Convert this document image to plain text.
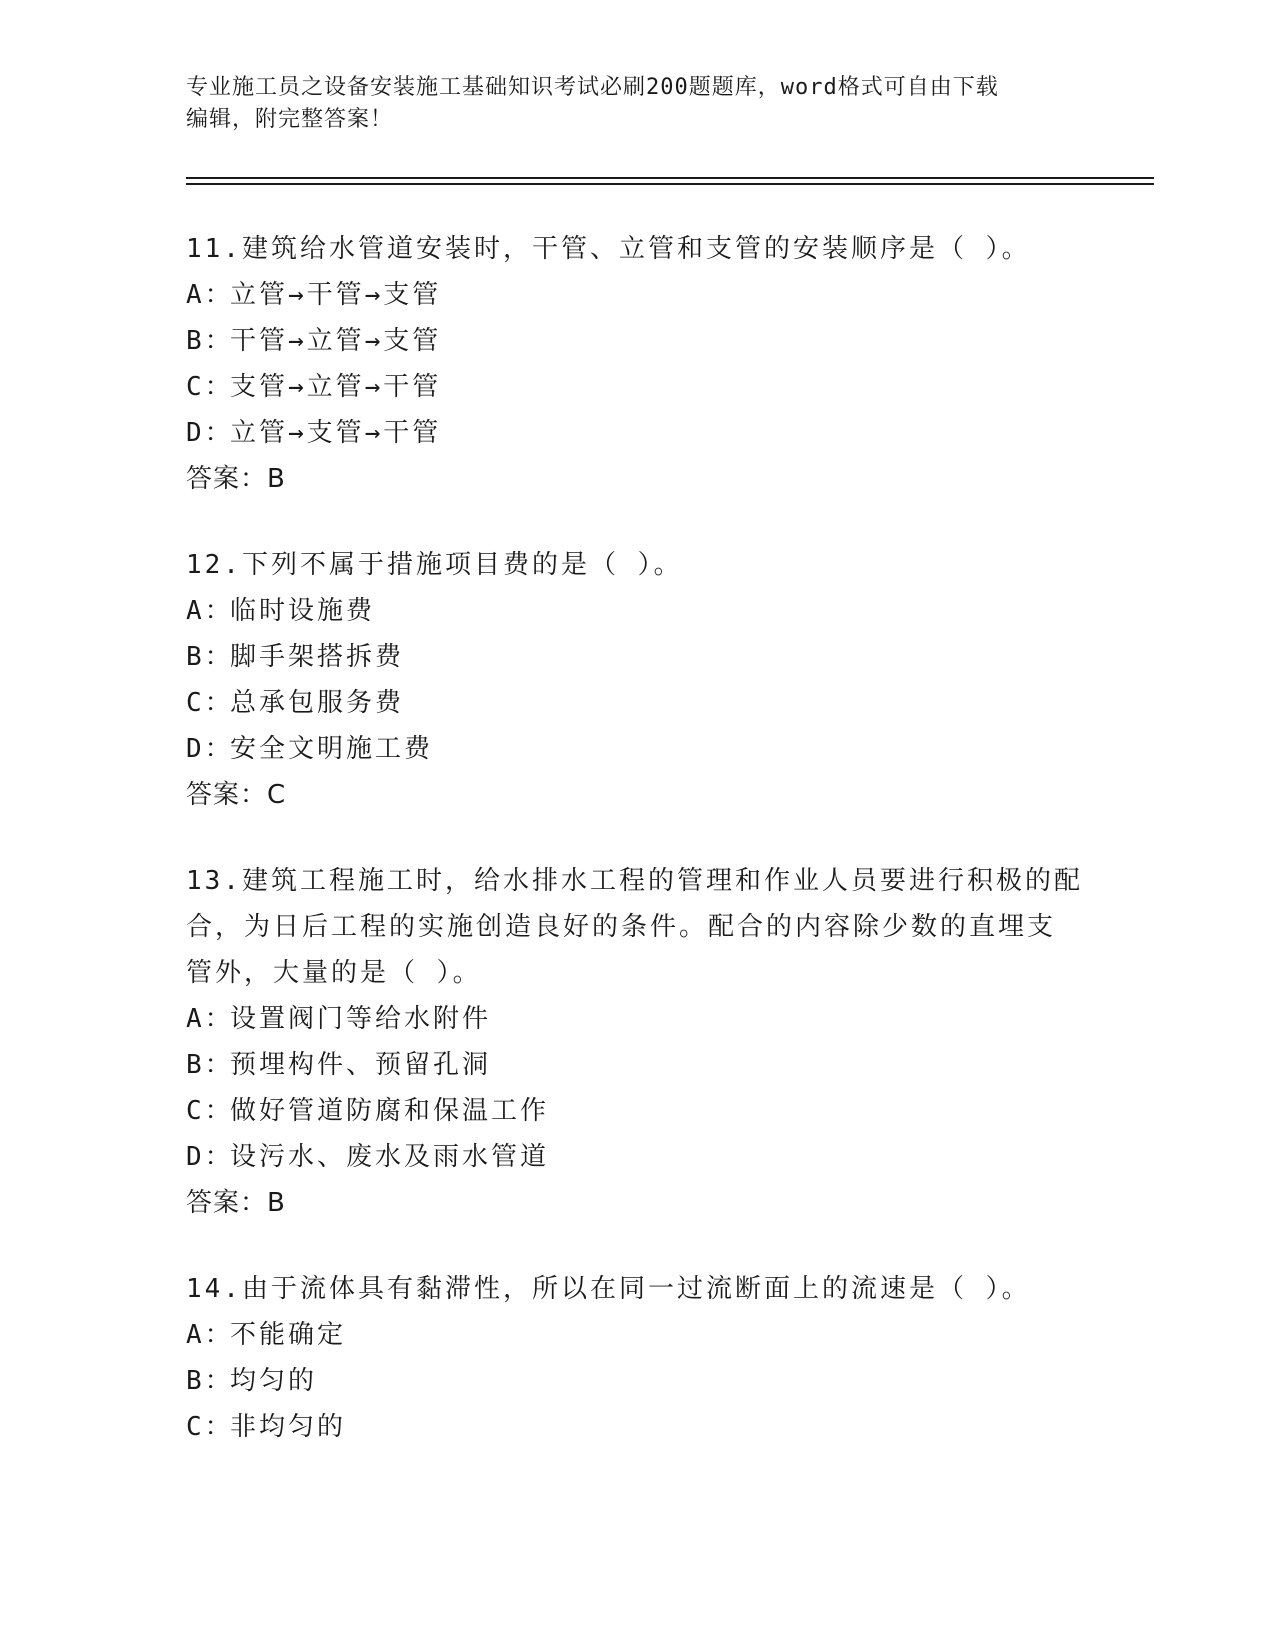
专业施工员之设备安装施工基础知识考试必刷200题题库，word格式可自由下载
编辑，附完整答案！
11.建筑给水管道安装时，干管、立管和支管的安装顺序是（ ）。
A：立管→干管→支管
B：干管→立管→支管
C：支管→立管→干管
D：立管→支管→干管
答案：B
12.下列不属于措施项目费的是（ ）。
A：临时设施费
B：脚手架搭拆费
C：总承包服务费
D：安全文明施工费
答案：C
13.建筑工程施工时，给水排水工程的管理和作业人员要进行积极的配
合，为日后工程的实施创造良好的条件。配合的内容除少数的直埋支
管外，大量的是（ ）。
A：设置阀门等给水附件
B：预埋构件、预留孔洞
C：做好管道防腐和保温工作
D：设污水、废水及雨水管道
答案：B
14.由于流体具有黏滞性，所以在同一过流断面上的流速是（ ）。
A：不能确定
B：均匀的
C：非均匀的
